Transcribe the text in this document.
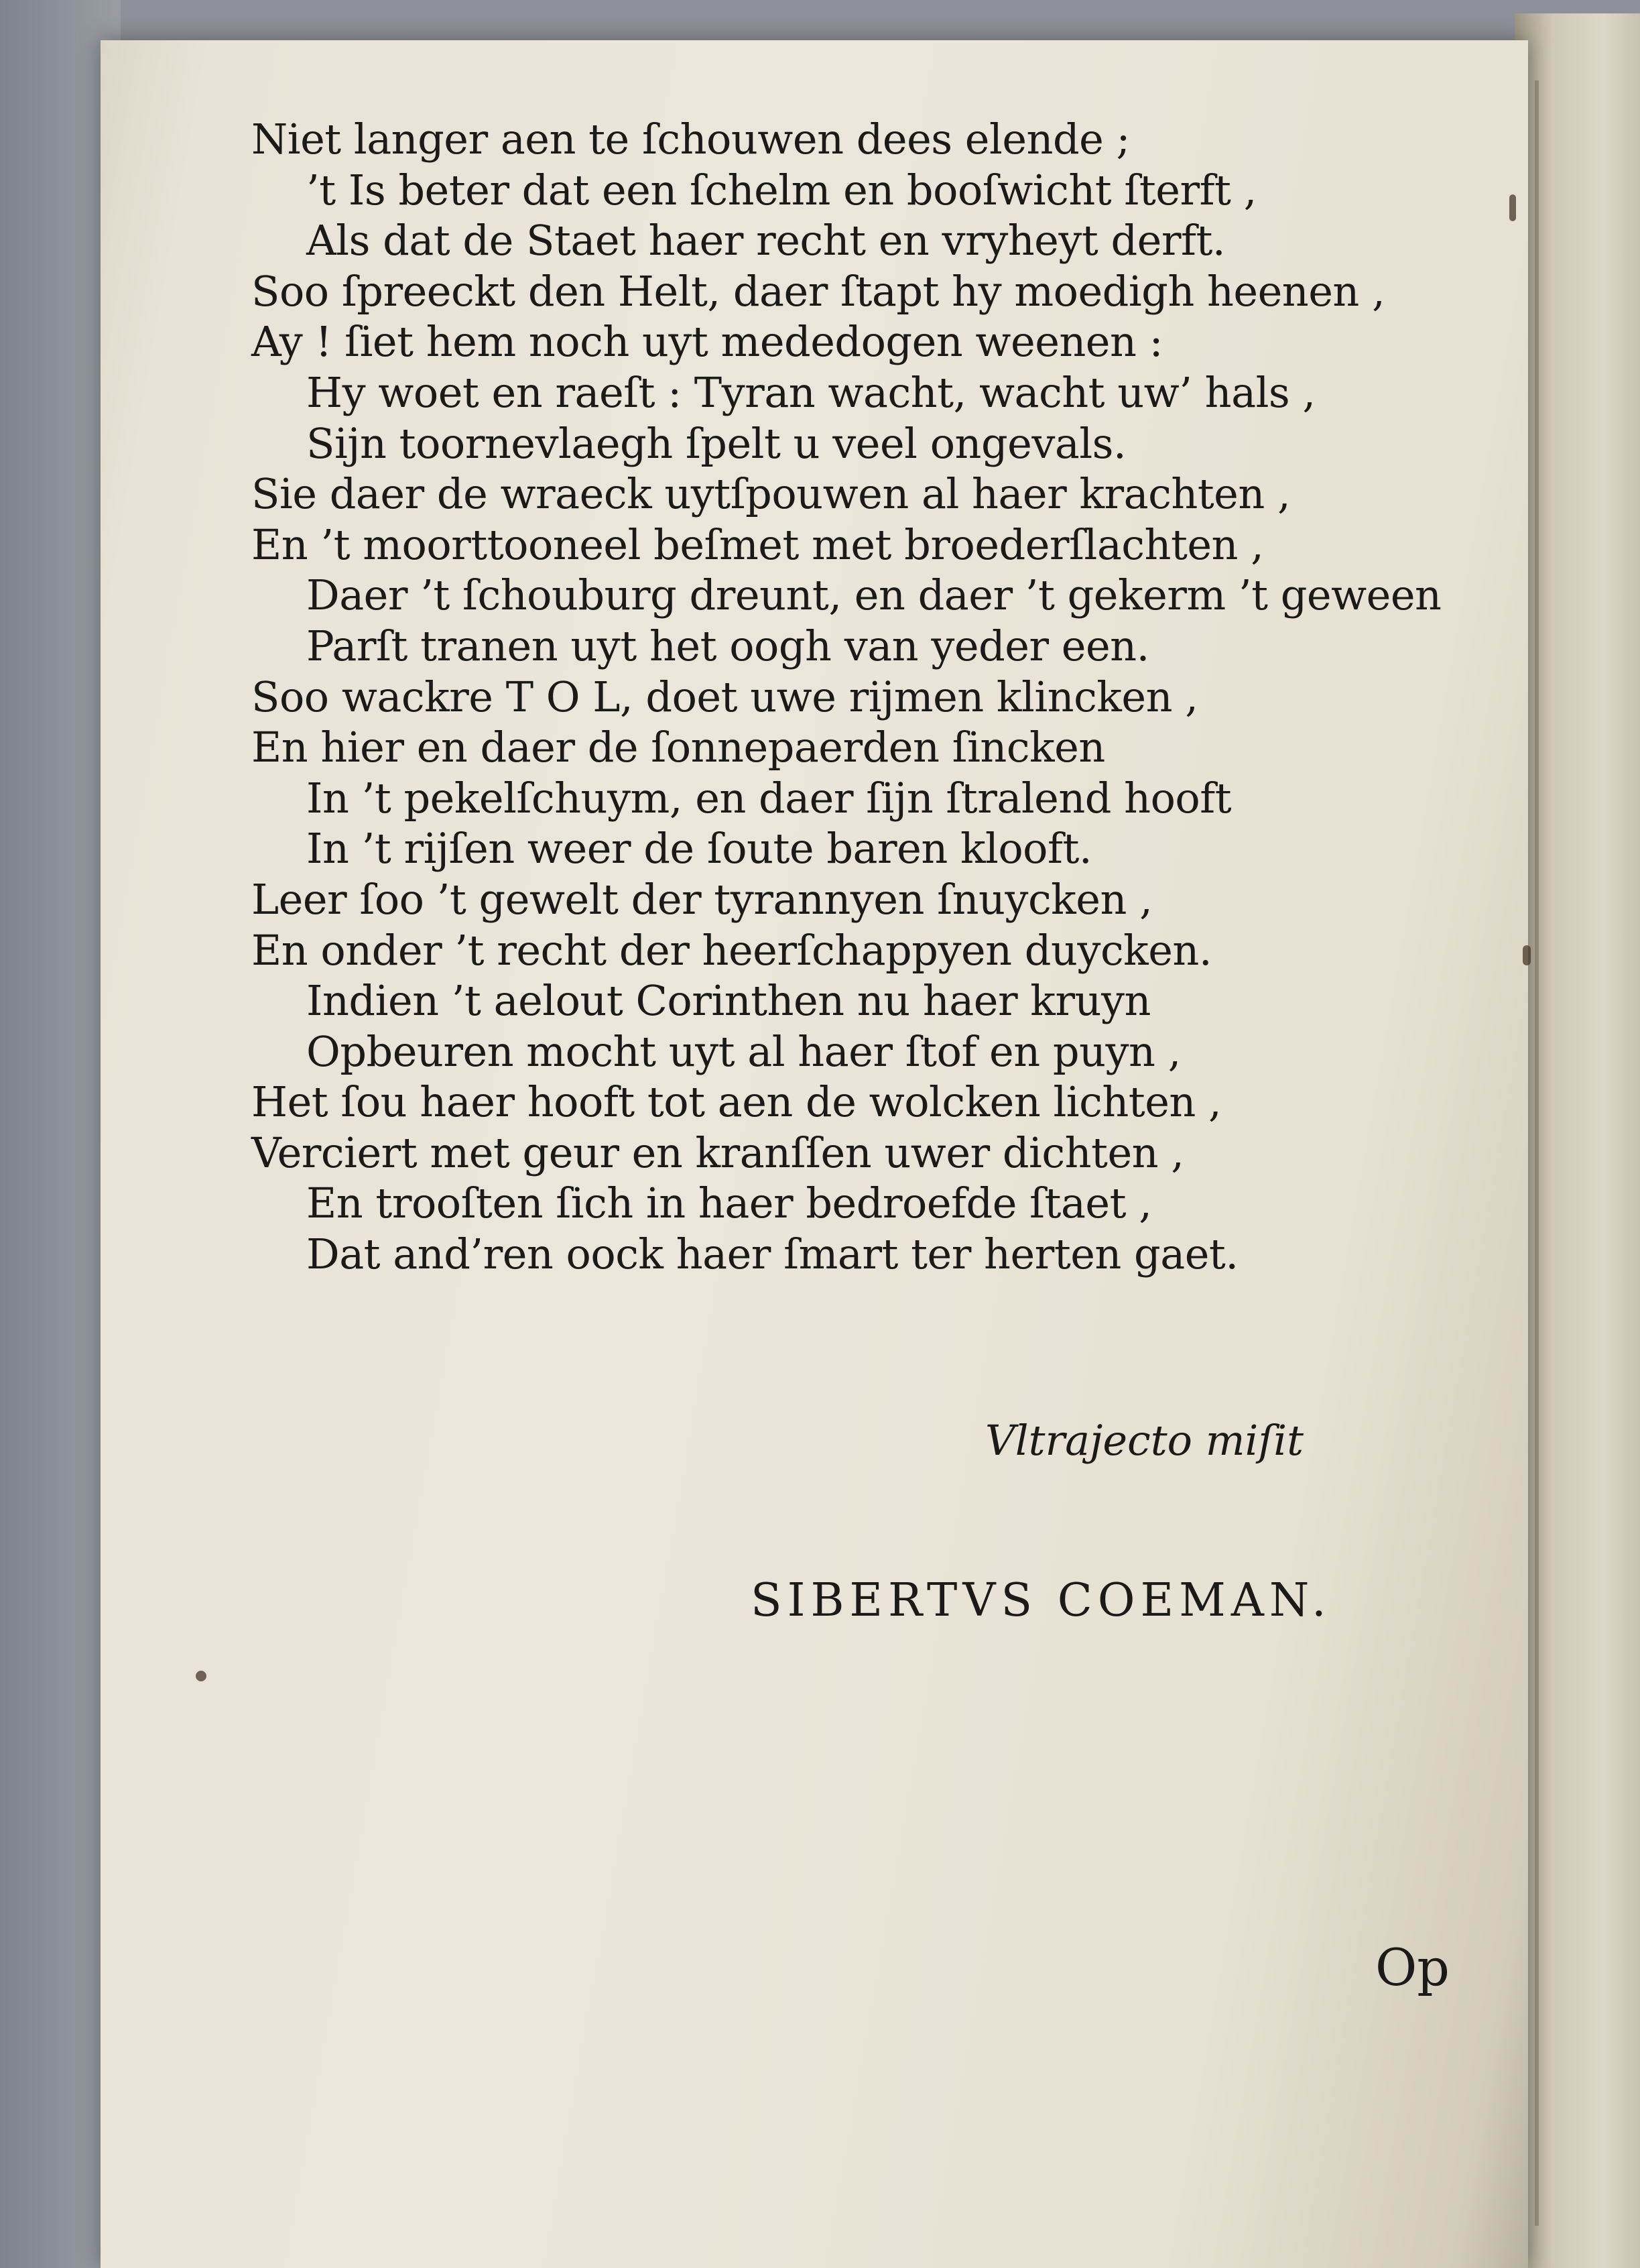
Niet langer aen te ſchouwen dees elende ;
’t Is beter dat een ſchelm en booſwicht ſterft ,
Als dat de Staet haer recht en vryheyt derft.
Soo ſpreeckt den Helt, daer ſtapt hy moedigh heenen ,
Ay ! ſiet hem noch uyt mededogen weenen :
Hy woet en raeſt : Tyran wacht, wacht uw’ hals ,
Sijn toornevlaegh ſpelt u veel ongevals.
Sie daer de wraeck uytſpouwen al haer krachten ,
En ’t moorttooneel beſmet met broederſlachten ,
Daer ’t ſchouburg dreunt, en daer ’t gekerm ’t geween
Parſt tranen uyt het oogh van yeder een.
Soo wackre T O L, doet uwe rijmen klincken ,
En hier en daer de ſonnepaerden ſincken
In ’t pekelſchuym, en daer ſijn ſtralend hooft
In ’t rijſen weer de ſoute baren klooft.
Leer ſoo ’t gewelt der tyrannyen ſnuycken ,
En onder ’t recht der heerſchappyen duycken.
Indien ’t aelout Corinthen nu haer kruyn
Opbeuren mocht uyt al haer ſtof en puyn ,
Het ſou haer hooft tot aen de wolcken lichten ,
Verciert met geur en kranſſen uwer dichten ,
En trooſten ſich in haer bedroefde ſtaet ,
Dat and’ren oock haer ſmart ter herten gaet.
Vltrajecto miſit
SIBERTVS COEMAN.
Op
